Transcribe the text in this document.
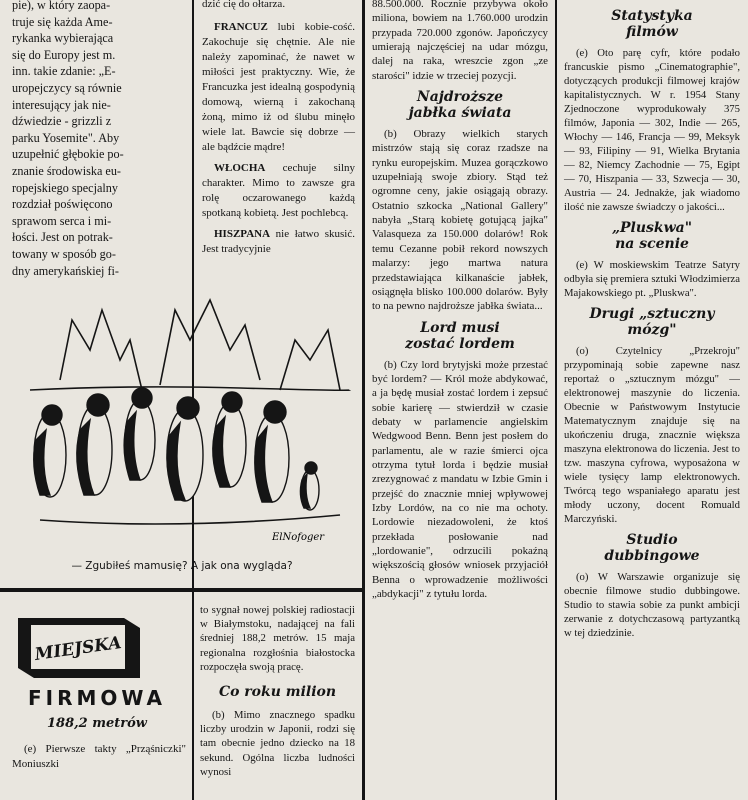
pie), w który zaopa-
truje się każda Ame-
rykanka wybierająca
się do Europy jest m.
inn. takie zdanie: „E-
uropejczycy są równie
interesujący jak nie-
dźwiedzie - grizzli z
parku Yosemite". Aby
uzupełnić głębokie po-
znanie środowiska eu-
ropejskiego specjalny
rozdział poświęcono
sprawom serca i mi-
łości. Jest on potrak-
towany w sposób go-
dny amerykańskiej fi-
dzić cię do ołtarza.

FRANCUZ lubi kobie-cość. Zakochuje się chętnie. Ale nie należy zapominać, że nawet w miłości jest praktyczny. Wie, że Francuzka jest idealną gospodynią domową, wierną i zakochaną żoną, mimo iż od ślubu minęło wiele lat. Bawcie się dobrze — ale bądźcie mądre!

WŁOCHA cechuje silny charakter. Mimo to zawsze gra rolę oczarowanego każdą spotkaną kobietą. Jest pochlebcą.

HISZPANA nie łatwo skusić. Jest tradycyjnie

ElNofoger
— Zgubiłeś mamusię? A jak ona wygląda?
MIEJSKA
FIRMOWA
188,2 metrów

(e) Pierwsze takty „Prząśniczki" Moniuszki

to sygnał nowej polskiej radiostacji w Białymstoku, nadającej na fali średniej 188,2 metrów. 15 maja regionalna rozgłośnia białostocka rozpoczęła swoją pracę.

Co roku milion

(b) Mimo znacznego spadku liczby urodzin w Japonii, rodzi się tam obecnie jedno dziecko na 18 sekund. Ogólna liczba ludności wynosi

88.500.000. Rocznie przybywa około miliona, bowiem na 1.760.000 urodzin przypada 720.000 zgonów. Japończycy umierają najczęściej na udar mózgu, dalej na raka, wreszcie zgon „ze starości" idzie w trzeciej pozycji.

Najdroższe
jabłka świata

(b) Obrazy wielkich starych mistrzów stają się coraz rzadsze na rynku europejskim. Muzea gorączkowo uzupełniają swoje zbiory. Stąd też ogromne ceny, jakie osiągają obrazy. Ostatnio szkocka „National Gallery" nabyła „Starą kobietę gotującą jajka" Valasqueza za 150.000 dolarów! Rok temu Cezanne pobił rekord nowszych malarzy: jego martwa natura przedstawiająca kilkanaście jabłek, osiągnęła blisko 100.000 dolarów. Były to na pewno najdroższe jabłka świata...

Lord musi
zostać lordem

(b) Czy lord brytyjski może przestać być lordem? — Król może abdykować, a ja będę musiał zostać lordem i zepsuć sobie karierę — stwierdził w czasie debaty w parlamencie angielskim Wedgwood Benn. Benn jest posłem do parlamentu, ale w razie śmierci ojca otrzyma tytuł lorda i będzie musiał zrezygnować z mandatu w Izbie Gmin i przejść do znacznie mniej wpływowej Izby Lordów, na co nie ma ochoty. Lordowie niezadowoleni, że ktoś przekłada posłowanie nad „lordowanie", odrzucili pokaźną większością głosów wniosek przyjaciół Benna o wprowadzenie możliwości „abdykacji" z tytułu lorda.

Statystyka
filmów

(e) Oto parę cyfr, które podało francuskie pismo „Cinematographie", dotyczących produkcji filmowej krajów kapitalistycznych. W r. 1954 Stany Zjednoczone wyprodukowały 375 filmów, Japonia — 302, Indie — 265, Włochy — 146, Francja — 99, Meksyk — 93, Filipiny — 91, Wielka Brytania — 82, Niemcy Zachodnie — 75, Egipt — 70, Hiszpania — 33, Szwecja — 30, Austria — 24. Jednakże, jak wiadomo ilość nie zawsze świadczy o jakości...

„Pluskwa"
na scenie

(e) W moskiewskim Teatrze Satyry odbyła się premiera sztuki Włodzimierza Majakowskiego pt. „Pluskwa".

Drugi „sztuczny
mózg"

(o) Czytelnicy „Przekroju" przypominają sobie zapewne nasz reportaż o „sztucznym mózgu" — elektronowej maszynie do liczenia. Obecnie w Państwowym Instytucie Matematycznym znajduje się na ukończeniu druga, znacznie większa maszyna elektronowa do liczenia. Jest to tzw. maszyna cyfrowa, wyposażona w wiele tysięcy lamp elektronowych. Twórcą tego wspaniałego aparatu jest młody uczony, docent Romuald Marczyński.

Studio
dubbingowe

(o) W Warszawie organizuje się obecnie filmowe studio dubbingowe. Studio to stawia sobie za punkt ambicji zerwanie z dotychczasową partyzantką w tej dziedzinie.
